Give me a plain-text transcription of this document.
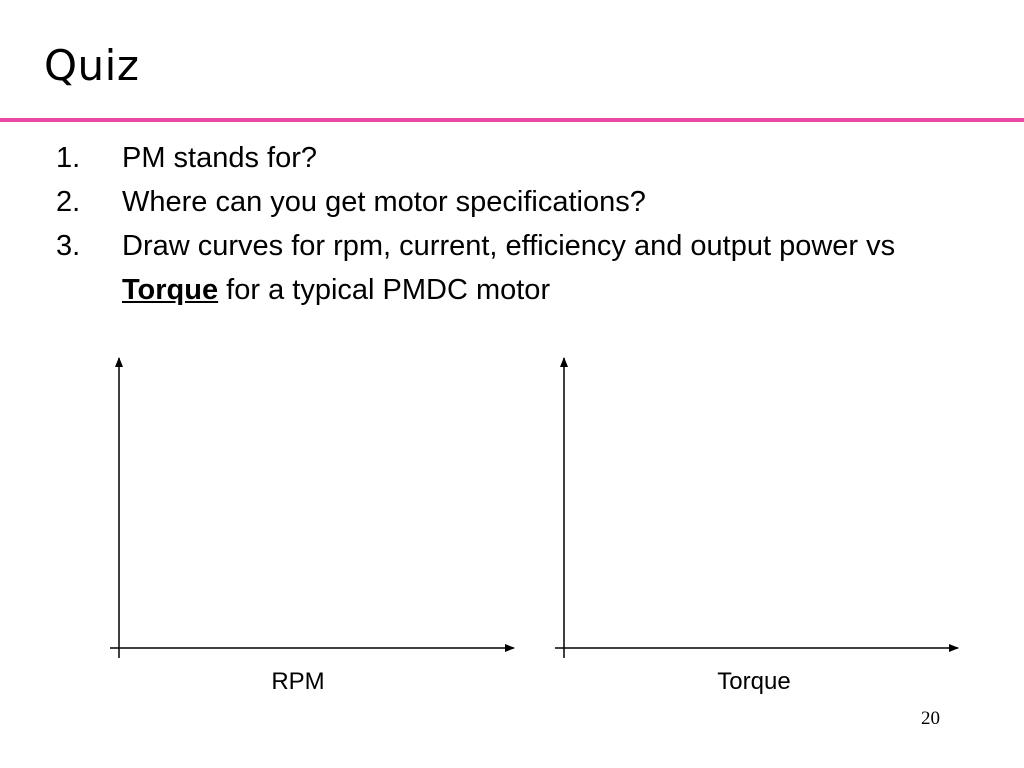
Quiz
1. PM stands for?
2. Where can you get motor specifications?
3. Draw curves for rpm, current, efficiency and output power vs Torque for a typical PMDC motor
RPM	Torque
20
